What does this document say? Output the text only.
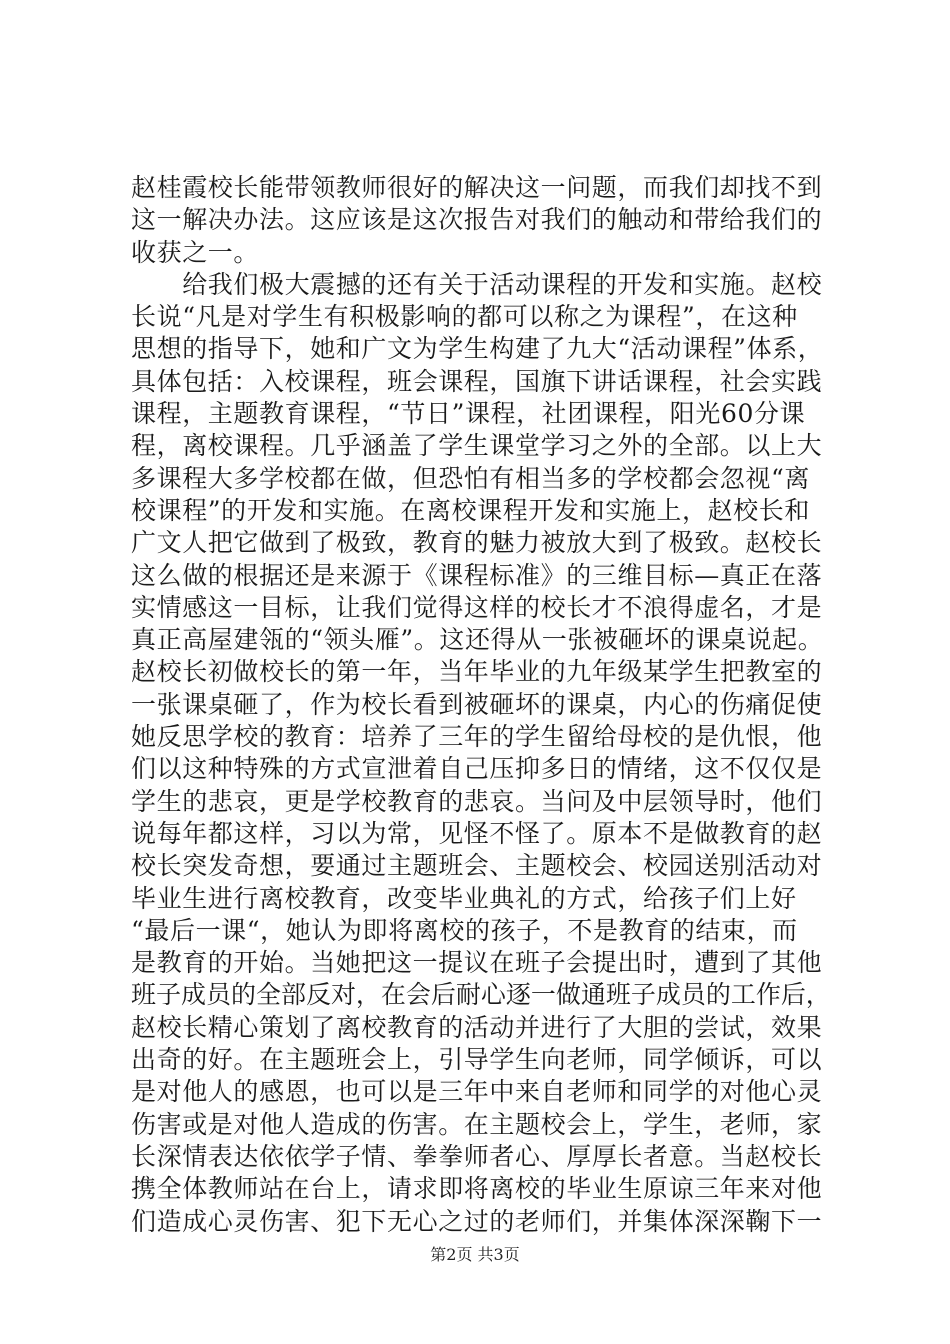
赵桂霞校长能带领教师很好的解决这一问题，而我们却找不到
这一解决办法。这应该是这次报告对我们的触动和带给我们的
收获之一。
　　给我们极大震撼的还有关于活动课程的开发和实施。赵校
长说“凡是对学生有积极影响的都可以称之为课程”，在这种
思想的指导下，她和广文为学生构建了九大“活动课程”体系，
具体包括：入校课程，班会课程，国旗下讲话课程，社会实践
课程，主题教育课程，“节日”课程，社团课程，阳光60分课
程，离校课程。几乎涵盖了学生课堂学习之外的全部。以上大
多课程大多学校都在做，但恐怕有相当多的学校都会忽视“离
校课程”的开发和实施。在离校课程开发和实施上，赵校长和
广文人把它做到了极致，教育的魅力被放大到了极致。赵校长
这么做的根据还是来源于《课程标准》的三维目标—真正在落
实情感这一目标，让我们觉得这样的校长才不浪得虚名，才是
真正高屋建瓴的“领头雁”。这还得从一张被砸坏的课桌说起。
赵校长初做校长的第一年，当年毕业的九年级某学生把教室的
一张课桌砸了，作为校长看到被砸坏的课桌，内心的伤痛促使
她反思学校的教育：培养了三年的学生留给母校的是仇恨，他
们以这种特殊的方式宣泄着自己压抑多日的情绪，这不仅仅是
学生的悲哀，更是学校教育的悲哀。当问及中层领导时，他们
说每年都这样，习以为常，见怪不怪了。原本不是做教育的赵
校长突发奇想，要通过主题班会、主题校会、校园送别活动对
毕业生进行离校教育，改变毕业典礼的方式，给孩子们上好
“最后一课“，她认为即将离校的孩子，不是教育的结束，而
是教育的开始。当她把这一提议在班子会提出时，遭到了其他
班子成员的全部反对，在会后耐心逐一做通班子成员的工作后，
赵校长精心策划了离校教育的活动并进行了大胆的尝试，效果
出奇的好。在主题班会上，引导学生向老师，同学倾诉，可以
是对他人的感恩，也可以是三年中来自老师和同学的对他心灵
伤害或是对他人造成的伤害。在主题校会上，学生，老师，家
长深情表达依依学子情、拳拳师者心、厚厚长者意。当赵校长
携全体教师站在台上，请求即将离校的毕业生原谅三年来对他
们造成心灵伤害、犯下无心之过的老师们，并集体深深鞠下一
第2页 共3页
